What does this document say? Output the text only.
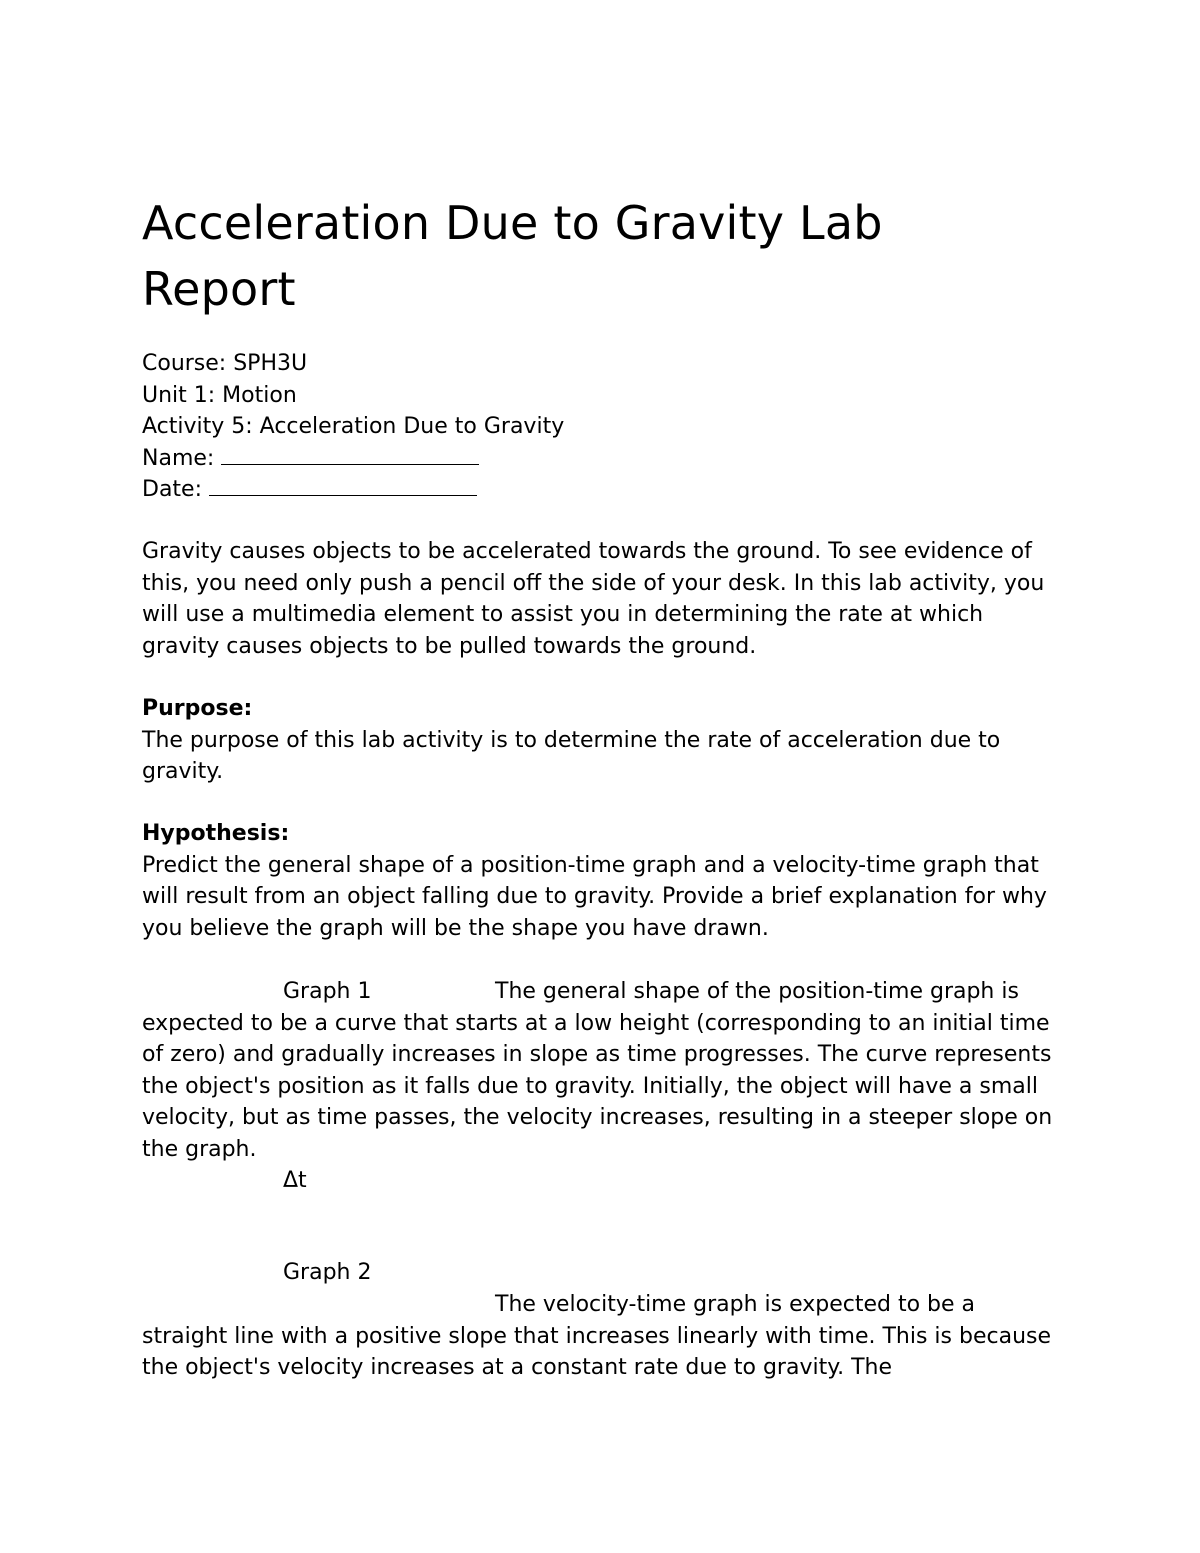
Acceleration Due to Gravity Lab Report
Course: SPH3U
Unit 1: Motion
Activity 5: Acceleration Due to Gravity
Name:
Date:

Gravity causes objects to be accelerated towards the ground. To see evidence of this, you need only push a pencil off the side of your desk. In this lab activity, you will use a multimedia element to assist you in determining the rate at which gravity causes objects to be pulled towards the ground.

Purpose:
The purpose of this lab activity is to determine the rate of acceleration due to gravity.
Hypothesis:
Predict the general shape of a position-time graph and a velocity-time graph that will result from an object falling due to gravity. Provide a brief explanation for why you believe the graph will be the shape you have drawn.
Graph 1	The general shape of the position-time graph is

expected to be a curve that starts at a low height (corresponding to an initial time of zero) and gradually increases in slope as time progresses. The curve represents the object's position as it falls due to gravity. Initially, the object will have a small velocity, but as time passes, the velocity increases, resulting in a steeper slope on the graph.

Δt
Graph 2
The velocity-time graph is expected to be a

straight line with a positive slope that increases linearly with time. This is because the object's velocity increases at a constant rate due to gravity. The
